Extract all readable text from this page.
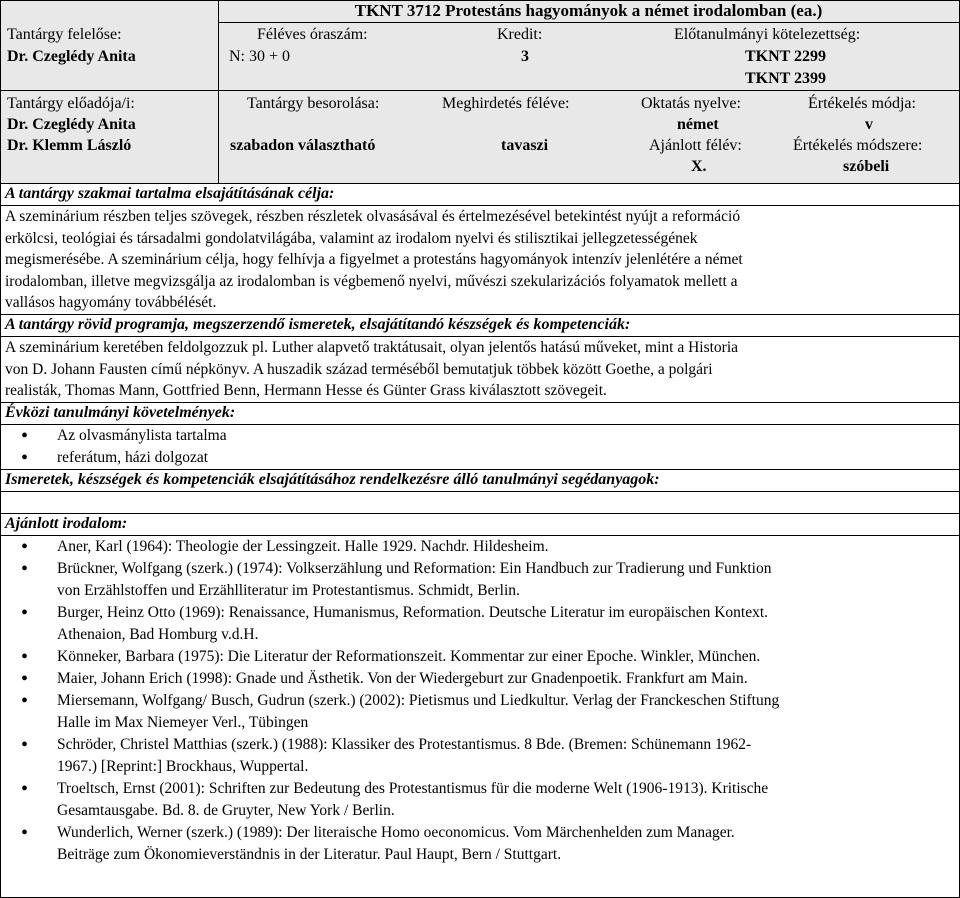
TKNT 3712 Protestáns hagyományok a német irodalomban (ea.)
Tantárgy felelőse:
Dr. Czeglédy Anita
Féléves óraszám:
N: 30 + 0
Kredit:
3
Előtanulmányi kötelezettség:
TKNT 2299
TKNT 2399
Tantárgy előadója/i:
Dr. Czeglédy Anita
Dr. Klemm László
Tantárgy besorolása:
szabadon választható
Meghirdetés féléve:
tavaszi
Oktatás nyelve:
német
Ajánlott félév:
X.
Értékelés módja:
v
Értékelés módszere:
szóbeli
A tantárgy szakmai tartalma elsajátításának célja:
A szeminárium részben teljes szövegek, részben részletek olvasásával és értelmezésével betekintést nyújt a reformáció
erkölcsi, teológiai és társadalmi gondolatvilágába, valamint az irodalom nyelvi és stilisztikai jellegzetességének
megismerésébe. A szeminárium célja, hogy felhívja a figyelmet a protestáns hagyományok intenzív jelenlétére a német
irodalomban, illetve megvizsgálja az irodalomban is végbemenő nyelvi, művészi szekularizációs folyamatok mellett a
vallásos hagyomány továbbélését.
A tantárgy rövid programja, megszerzendő ismeretek, elsajátítandó készségek és kompetenciák:
A szeminárium keretében feldolgozzuk pl. Luther alapvető traktátusait, olyan jelentős hatású műveket, mint a Historia
von D. Johann Fausten című népkönyv. A huszadik század terméséből bemutatjuk többek között Goethe, a polgári
realisták, Thomas Mann, Gottfried Benn, Hermann Hesse és Günter Grass kiválasztott szövegeit.
Évközi tanulmányi követelmények:
• Az olvasmánylista tartalma
• referátum, házi dolgozat
Ismeretek, készségek és kompetenciák elsajátításához rendelkezésre álló tanulmányi segédanyagok:
Ajánlott irodalom:
• Aner, Karl (1964): Theologie der Lessingzeit. Halle 1929. Nachdr. Hildesheim.
• Brückner, Wolfgang (szerk.) (1974): Volkserzählung und Reformation: Ein Handbuch zur Tradierung und Funktion
von Erzählstoffen und Erzählliteratur im Protestantismus. Schmidt, Berlin.
• Burger, Heinz Otto (1969): Renaissance, Humanismus, Reformation. Deutsche Literatur im europäischen Kontext.
Athenaion, Bad Homburg v.d.H.
• Könneker, Barbara (1975): Die Literatur der Reformationszeit. Kommentar zur einer Epoche. Winkler, München.
• Maier, Johann Erich (1998): Gnade und Ästhetik. Von der Wiedergeburt zur Gnadenpoetik. Frankfurt am Main.
• Miersemann, Wolfgang/ Busch, Gudrun (szerk.) (2002): Pietismus und Liedkultur. Verlag der Franckeschen Stiftung
Halle im Max Niemeyer Verl., Tübingen
• Schröder, Christel Matthias (szerk.) (1988): Klassiker des Protestantismus. 8 Bde. (Bremen: Schünemann 1962-
1967.) [Reprint:] Brockhaus, Wuppertal.
• Troeltsch, Ernst (2001): Schriften zur Bedeutung des Protestantismus für die moderne Welt (1906-1913). Kritische
Gesamtausgabe. Bd. 8. de Gruyter, New York / Berlin.
• Wunderlich, Werner (szerk.) (1989): Der literaische Homo oeconomicus. Vom Märchenhelden zum Manager.
Beiträge zum Ökonomieverständnis in der Literatur. Paul Haupt, Bern / Stuttgart.
